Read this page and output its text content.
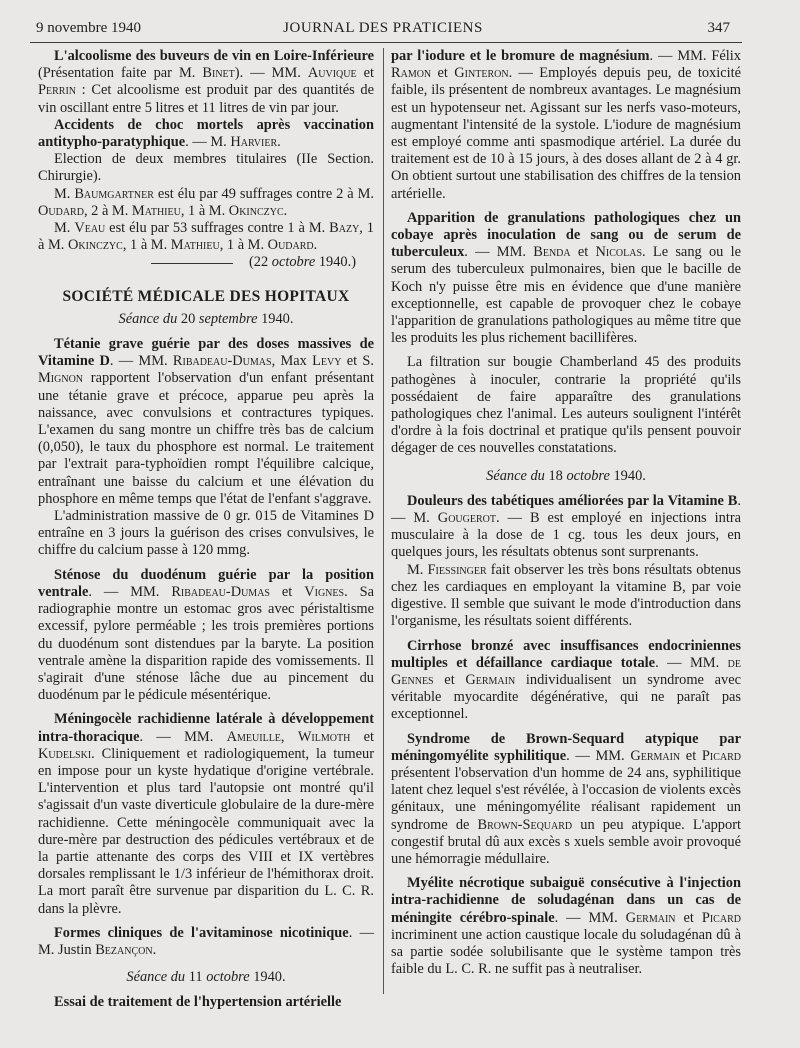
9 novembre 1940	JOURNAL DES PRATICIENS	347

L'alcoolisme des buveurs de vin en Loire-Inférieure (Présentation faite par M. Binet). — MM. Auvique et Perrin : Cet alcoolisme est produit par des quantités de vin oscillant entre 5 litres et 11 litres de vin par jour.

Accidents de choc mortels après vaccination antitypho-paratyphique. — M. Harvier.

Election de deux membres titulaires (IIe Section. Chirurgie).

M. Baumgartner est élu par 49 suffrages contre 2 à M. Oudard, 2 à M. Mathieu, 1 à M. Okinczyc.

M. Veau est élu par 53 suffrages contre 1 à M. Bazy, 1 à M. Okinczyc, 1 à M. Mathieu, 1 à M. Oudard.

(22 octobre 1940.)

SOCIÉTÉ MÉDICALE DES HOPITAUX

Séance du 20 septembre 1940.

Tétanie grave guérie par des doses massives de Vitamine D. — MM. Ribadeau-Dumas, Max Levy et S. Mignon rapportent l'observation d'un enfant présentant une tétanie grave et précoce, apparue peu après la naissance, avec convulsions et contractures typiques. L'examen du sang montre un chiffre très bas de calcium (0,050), le taux du phosphore est normal. Le traitement par l'extrait para-typhoïdien rompt l'équilibre calcique, entraînant une baisse du calcium et une élévation du phosphore en même temps que l'état de l'enfant s'aggrave.

L'administration massive de 0 gr. 015 de Vitamines D entraîne en 3 jours la guérison des crises convulsives, le chiffre du calcium passe à 120 mmg.

Sténose du duodénum guérie par la position ventrale. — MM. Ribadeau-Dumas et Vignes. Sa radiographie montre un estomac gros avec péristaltisme excessif, pylore perméable ; les trois premières portions du duodénum sont distendues par la baryte. La position ventrale amène la disparition rapide des vomissements. Il s'agirait d'une sténose lâche due au pincement du duodénum par le pédicule mésentérique.

Méningocèle rachidienne latérale à développement intra-thoracique. — MM. Ameuille, Wilmoth et Kudelski. Cliniquement et radiologiquement, la tumeur en impose pour un kyste hydatique d'origine vertébrale. L'intervention et plus tard l'autopsie ont montré qu'il s'agissait d'un vaste diverticule globulaire de la dure-mère rachidienne. Cette méningocèle communiquait avec la dure-mère par destruction des pédicules vertébraux et de la partie attenante des corps des VIII et IX vertèbres dorsales remplissant le 1/3 inférieur de l'hémithorax droit. La mort paraît être survenue par disparition du L. C. R. dans la plèvre.

Formes cliniques de l'avitaminose nicotinique. — M. Justin Bezançon.

Séance du 11 octobre 1940.

Essai de traitement de l'hypertension artérielle

par l'iodure et le bromure de magnésium. — MM. Félix Ramon et Ginteron. — Employés depuis peu, de toxicité faible, ils présentent de nombreux avantages. Le magnésium est un hypotenseur net. Agissant sur les nerfs vaso-moteurs, augmentant l'intensité de la systole. L'iodure de magnésium est employé comme anti spasmodique artériel. La durée du traitement est de 10 à 15 jours, à des doses allant de 2 à 4 gr. On obtient surtout une stabilisation des chiffres de la tension artérielle.

Apparition de granulations pathologiques chez un cobaye après inoculation de sang ou de serum de tuberculeux. — MM. Benda et Nicolas. Le sang ou le serum des tuberculeux pulmonaires, bien que le bacille de Koch n'y puisse être mis en évidence que d'une manière exceptionnelle, est capable de provoquer chez le cobaye l'apparition de granulations pathologiques au même titre que les produits les plus richement bacillifères.

La filtration sur bougie Chamberland 45 des produits pathogènes à inoculer, contrarie la propriété qu'ils possédaient de faire apparaître des granulations pathologiques chez l'animal. Les auteurs soulignent l'intérêt d'ordre à la fois doctrinal et pratique qu'ils pensent pouvoir dégager de ces nouvelles constatations.

Séance du 18 octobre 1940.

Douleurs des tabétiques améliorées par la Vitamine B. — M. Gougerot. — B est employé en injections intra musculaire à la dose de 1 cg. tous les deux jours, en quelques jours, les résultats obtenus sont surprenants.

M. Fiessinger fait observer les très bons résultats obtenus chez les cardiaques en employant la vitamine B, par voie digestive. Il semble que suivant le mode d'introduction dans l'organisme, les résultats soient différents.

Cirrhose bronzé avec insuffisances endocriniennes multiples et défaillance cardiaque totale. — MM. de Gennes et Germain individualisent un syndrome avec véritable myocardite dégénérative, qui ne paraît pas exceptionnel.

Syndrome de Brown-Sequard atypique par méningomyélite syphilitique. — MM. Germain et Picard présentent l'observation d'un homme de 24 ans, syphilitique latent chez lequel s'est révélée, à l'occasion de violents excès génitaux, une méningomyélite réalisant rapidement un syndrome de Brown-Sequard un peu atypique. L'apport congestif brutal dû aux excès s xuels semble avoir provoqué une hémorragie médullaire.

Myélite nécrotique subaiguë consécutive à l'injection intra-rachidienne de soludagénan dans un cas de méningite cérébro-spinale. — MM. Germain et Picard incriminent une action caustique locale du soludagénan dû à sa partie sodée solubilisante que le système tampon très faible du L. C. R. ne suffit pas à neutraliser.
